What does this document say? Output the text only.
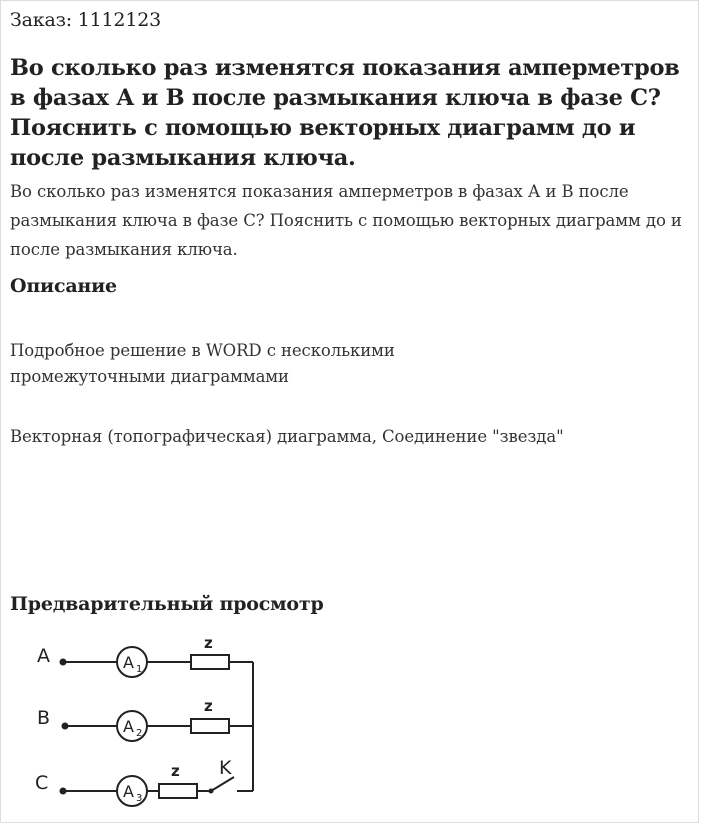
Заказ: 1112123
Во сколько раз изменятся показания амперметров в фазах А и В после размыкания ключа в фазе С? Пояснить с помощью векторных диаграмм до и после размыкания ключа.

Во сколько раз изменятся показания амперметров в фазах А и В после размыкания ключа в фазе С? Пояснить с помощью векторных диаграмм до и после размыкания ключа.

Описание

Подробное решение в WORD с несколькими промежуточными диаграммами

Векторная (топографическая) диаграмма, Соединение "звезда"

Предварительный просмотр
A	A 1
z
B	A 2
z
C	A 3
z K
